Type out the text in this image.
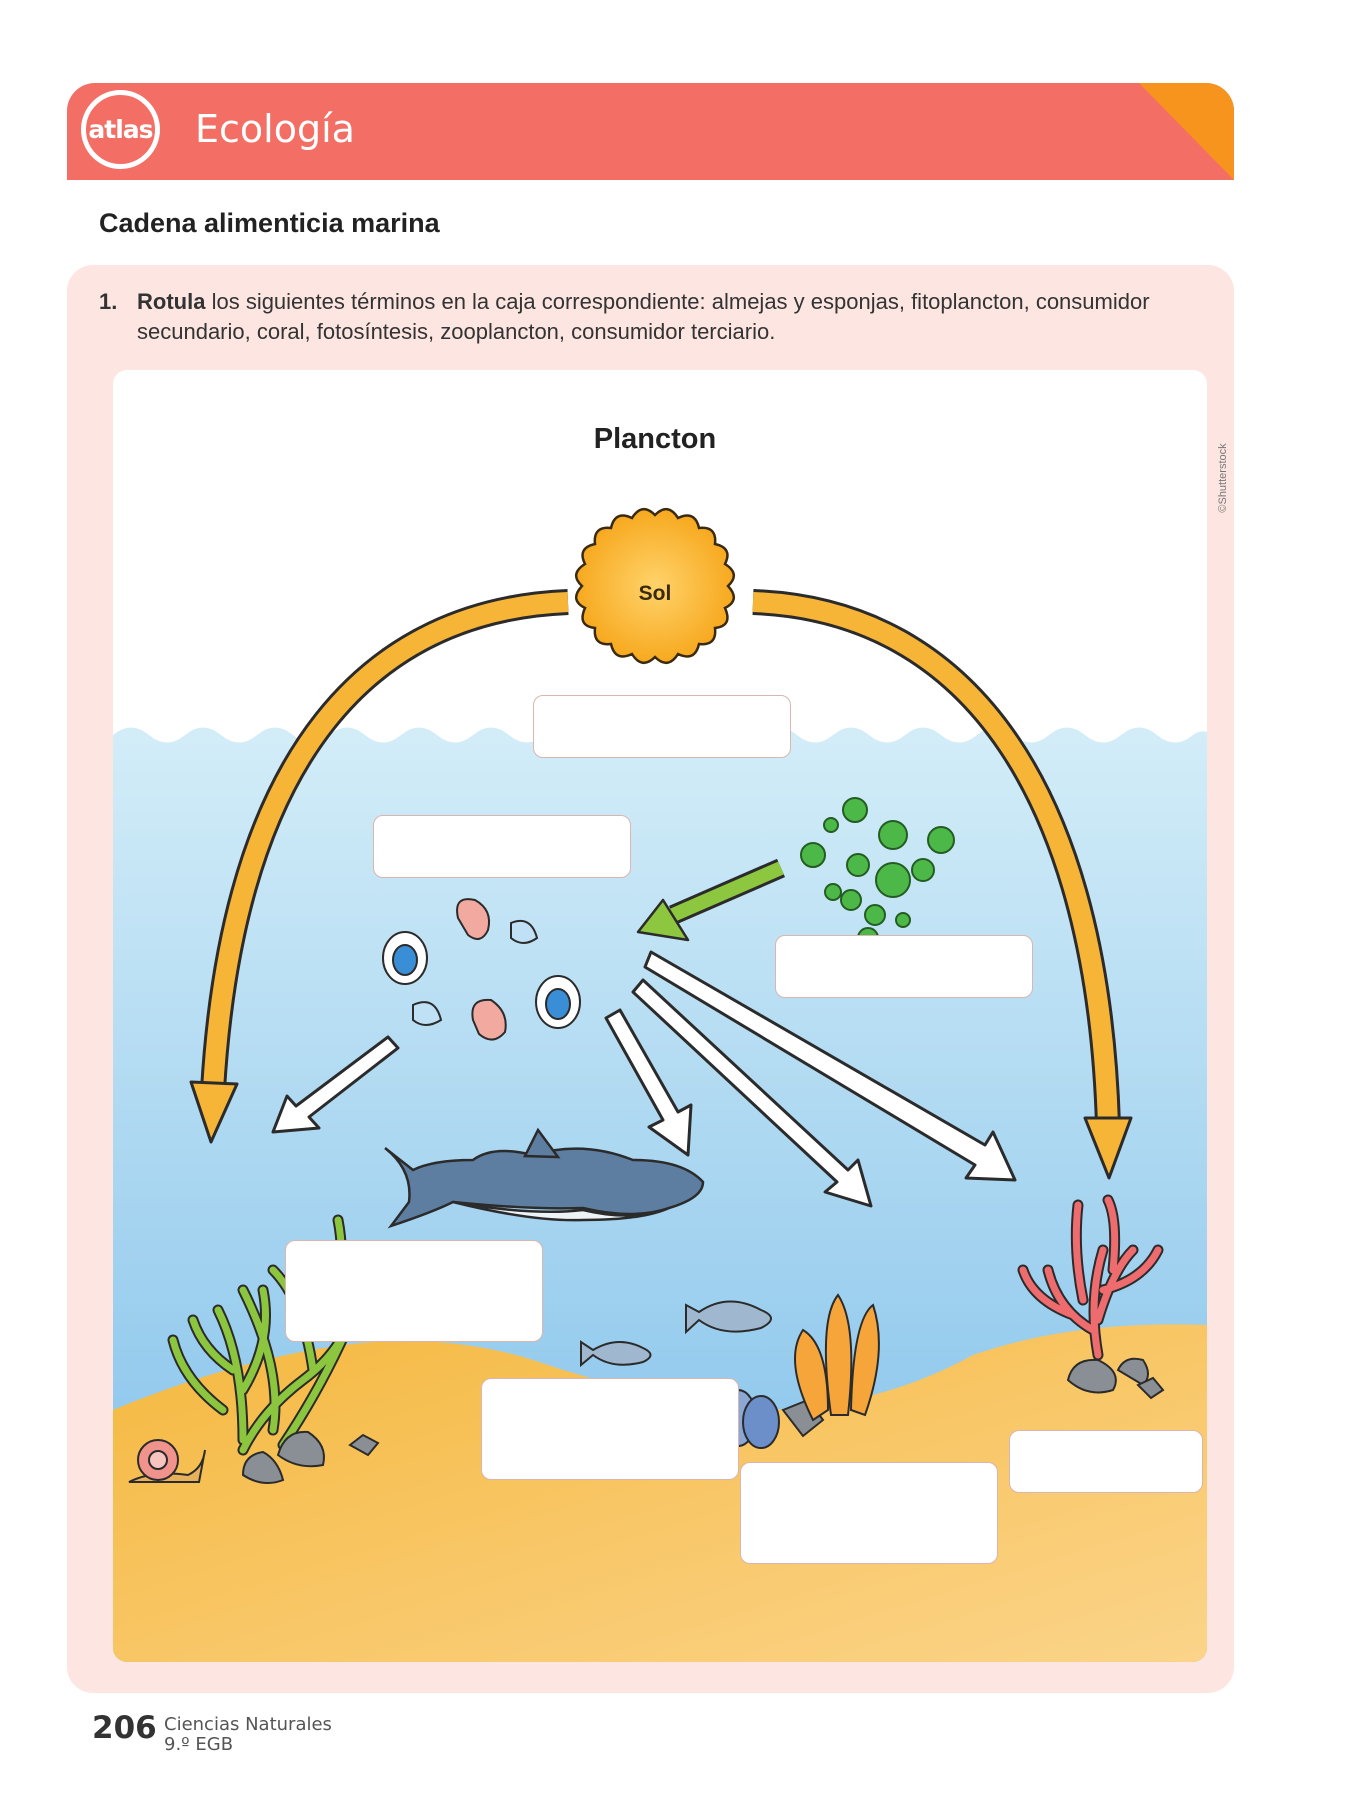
atlas Ecología
Cadena alimenticia marina
1. Rotula los siguientes términos en la caja correspondiente: almejas y esponjas, fitoplancton, consumidor
secundario, coral, fotosíntesis, zooplancton, consumidor terciario.
Plancton
Sol
©Shutterstock
206 Ciencias Naturales
9.º EGB
